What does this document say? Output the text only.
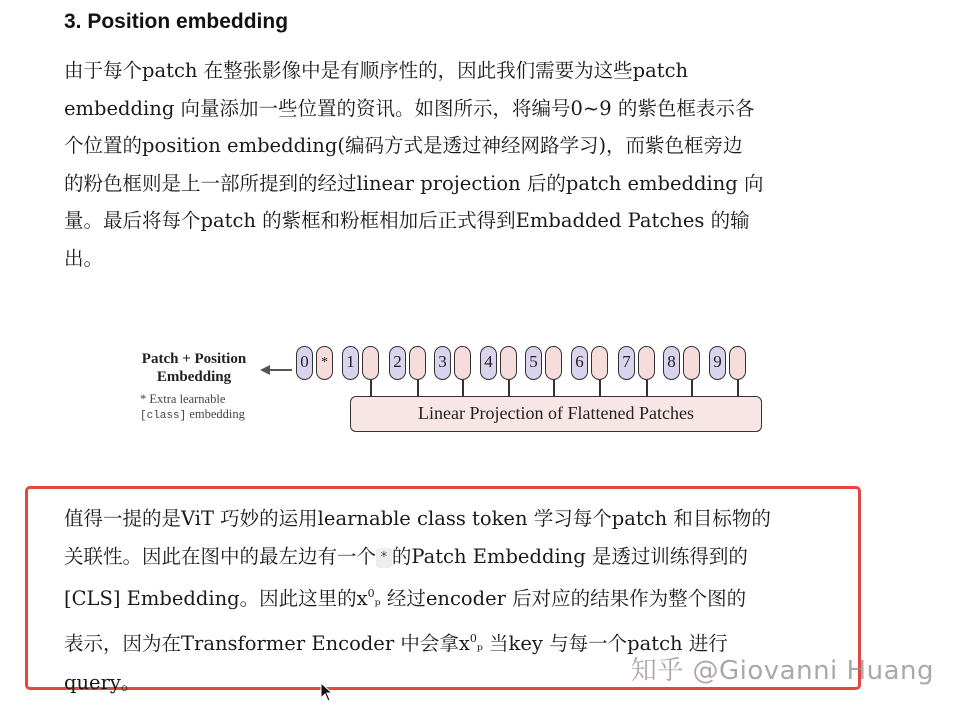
3. Position embedding
由于每个patch 在整张影像中是有顺序性的，因此我们需要为这些patch
embedding 向量添加一些位置的资讯。如图所示，将编号0~9 的紫色框表示各
个位置的position embedding(编码方式是透过神经网路学习)，而紫色框旁边
的粉色框则是上一部所提到的经过linear projection 后的patch embedding 向
量。最后将每个patch 的紫框和粉框相加后正式得到Embadded Patches 的输
出。
Patch + Position
Embedding
* Extra learnable
[class] embedding
0 * 1 2 3 4 5 6 7 8 9
Linear Projection of Flattened Patches
值得一提的是ViT 巧妙的运用learnable class token 学习每个patch 和目标物的
关联性。因此在图中的最左边有一个 * 的Patch Embedding 是透过训练得到的
[CLS] Embedding。因此这里的$x^0_p$ 经过encoder 后对应的结果作为整个图的
表示，因为在Transformer Encoder 中会拿$x^0_p$ 当key 与每一个patch 进行
query。	知乎 @Giovanni Huang
